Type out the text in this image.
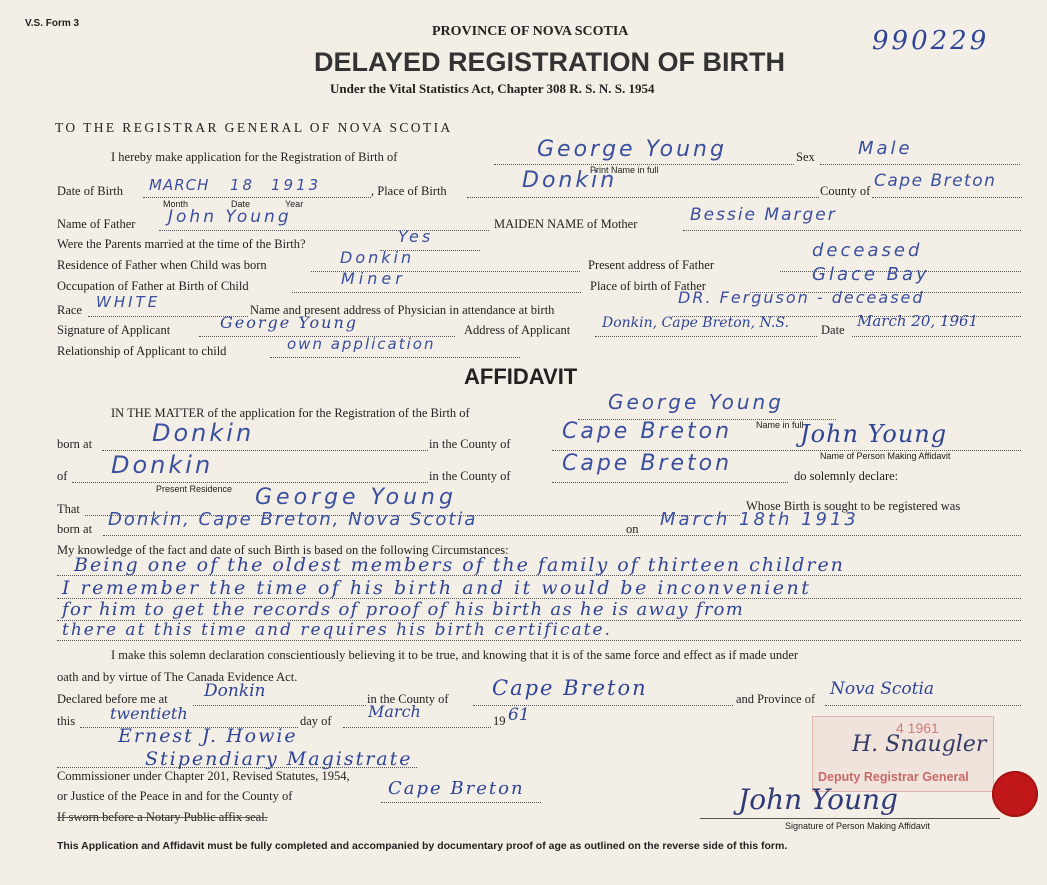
V.S. Form 3
990229
PROVINCE OF NOVA SCOTIA
DELAYED REGISTRATION OF BIRTH
Under the Vital Statistics Act, Chapter 308 R. S. N. S. 1954
TO THE REGISTRAR GENERAL OF NOVA SCOTIA
I hereby make application for the Registration of Birth of	George Young
Print Name in full
Sex Male
Date of Birth MARCH 18 1913
Month	Date	Year
, Place of Birth	Donkin	County of Cape Breton
Name of Father John Young	MAIDEN NAME of Mother	Bessie Marger
Were the Parents married at the time of the Birth?	Yes
Residence of Father when Child was born	Donkin	Present address of Father
deceased
Occupation of Father at Birth of Child	Miner	Place of birth of Father
Glace Bay
Race WHITE	Name and present address of Physician in attendance at birth
DR. Ferguson - deceased
Signature of Applicant	George Young	Address of Applicant Donkin, Cape Breton, N.S.	Date March 20, 1961
Relationship of Applicant to child	own application
AFFIDAVIT
IN THE MATTER of the application for the Registration of the Birth of	George Young
Name in full
born at Donkin	in the County of Cape Breton	John Young
Name of Person Making Affidavit
of Donkin
Present Residence
in the County of Cape Breton	do solemnly declare:
That	George Young	Whose Birth is sought to be registered was
born at Donkin, Cape Breton, Nova Scotia	on March 18th 1913
My knowledge of the fact and date of such Birth is based on the following Circumstances:
Being one of the oldest members of the family of thirteen children
I remember the time of his birth and it would be inconvenient
for him to get the records of proof of his birth as he is away from
there at this time and requires his birth certificate.
I make this solemn declaration conscientiously believing it to be true, and knowing that it is of the same force and effect as if made under
oath and by virtue of The Canada Evidence Act.
Declared before me at Donkin	in the County of Cape Breton	and Province of Nova Scotia
this twentieth	day of March	19 61
Ernest J. Howie
Stipendiary Magistrate
Commissioner under Chapter 201, Revised Statutes, 1954,
or Justice of the Peace in and for the County of	Cape Breton
If sworn before a Notary Public affix seal.
4 1961
Deputy Registrar General
H. Snaugler
John Young
Signature of Person Making Affidavit
This Application and Affidavit must be fully completed and accompanied by documentary proof of age as outlined on the reverse side of this form.
